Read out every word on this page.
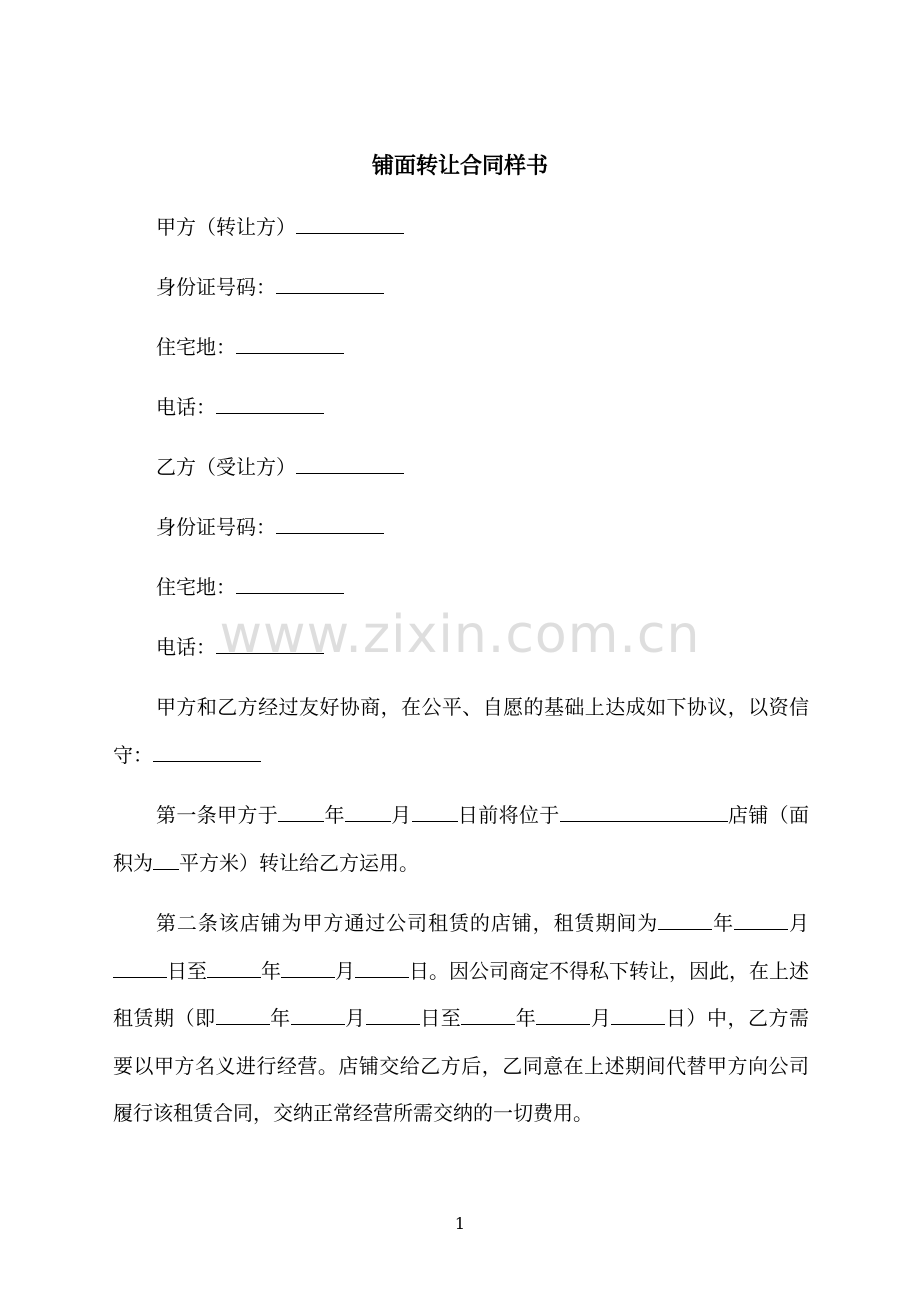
铺面转让合同样书
甲方（转让方）
身份证号码：
住宅地：
电话：
乙方（受让方）
身份证号码：
住宅地：
电话：
甲方和乙方经过友好协商，在公平、自愿的基础上达成如下协议，以资信守：
第一条甲方于 年 月 日前将位于	店铺（面积为 平方米）转让给乙方运用。
第二条该店铺为甲方通过公司租赁的店铺，租赁期间为	年	月日至	年	月	日。因公司商定不得私下转让，因此，在上述租赁期（即	年	月	日至	年	月	日）中，乙方需要以甲方名义进行经营。店铺交给乙方后，乙同意在上述期间代替甲方向公司履行该租赁合同，交纳正常经营所需交纳的一切费用。
www.zixin.com.cn
1
